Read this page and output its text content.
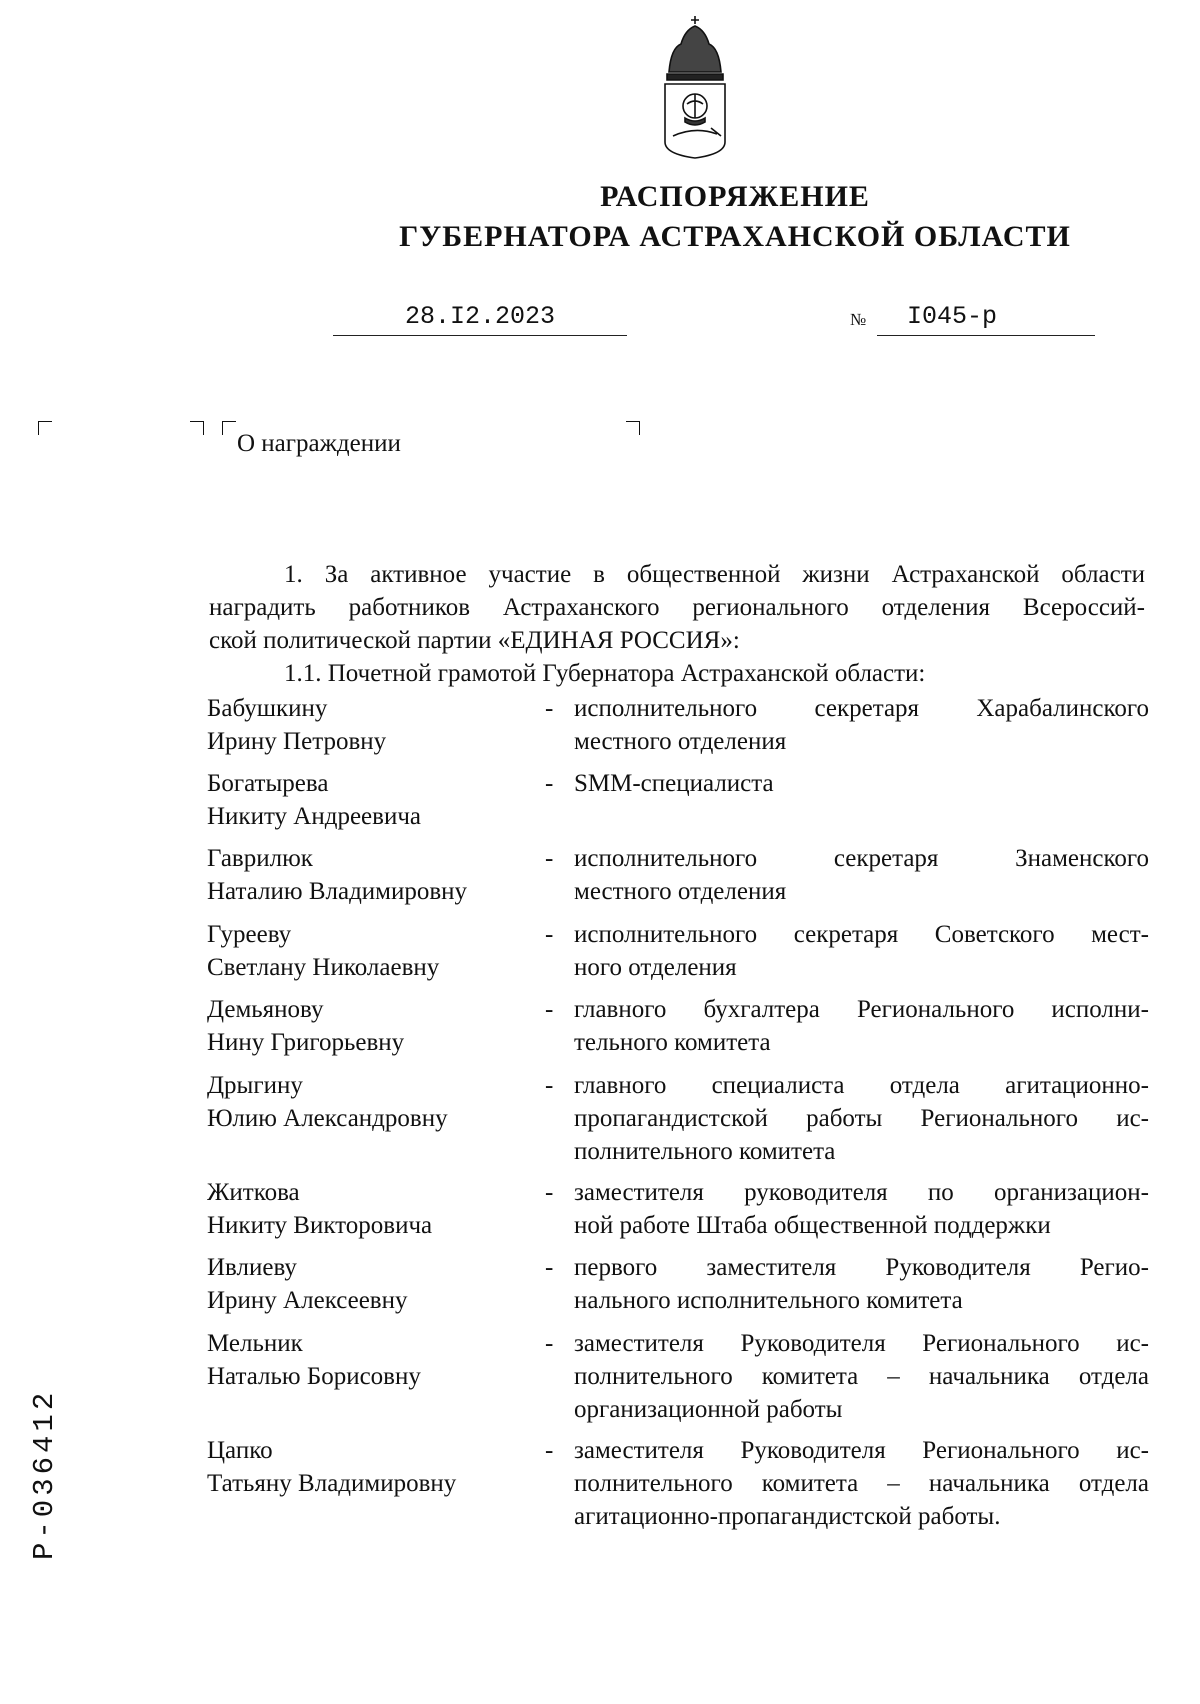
РАСПОРЯЖЕНИЕ
ГУБЕРНАТОРА АСТРАХАНСКОЙ ОБЛАСТИ
28.I2.2023	№	I045-р
О награждении
1. За активное участие в общественной жизни Астраханской области
наградить работников Астраханского регионального отделения Всероссий-
ской политической партии «ЕДИНАЯ РОССИЯ»:
1.1. Почетной грамотой Губернатора Астраханской области:
Бабушкину
Ирину Петровну
- исполнительного секретаря Харабалинского
местного отделения
Богатырева
Никиту Андреевича
- SMM-специалиста
Гаврилюк
Наталию Владимировну
- исполнительного секретаря Знаменского
местного отделения
Гурееву
Светлану Николаевну
- исполнительного секретаря Советского мест-
ного отделения
Демьянову
Нину Григорьевну
- главного бухгалтера Регионального исполни-
тельного комитета
Дрыгину
Юлию Александровну
- главного специалиста отдела агитационно-
пропагандистской работы Регионального ис-
полнительного комитета
Житкова
Никиту Викторовича
- заместителя руководителя по организацион-
ной работе Штаба общественной поддержки
Ивлиеву
Ирину Алексеевну
- первого заместителя Руководителя Регио-
нального исполнительного комитета
Мельник
Наталью Борисовну
- заместителя Руководителя Регионального ис-
полнительного комитета – начальника отдела
организационной работы
Цапко
Татьяну Владимировну
- заместителя Руководителя Регионального ис-
полнительного комитета – начальника отдела
агитационно-пропагандистской работы.
Р-036412
